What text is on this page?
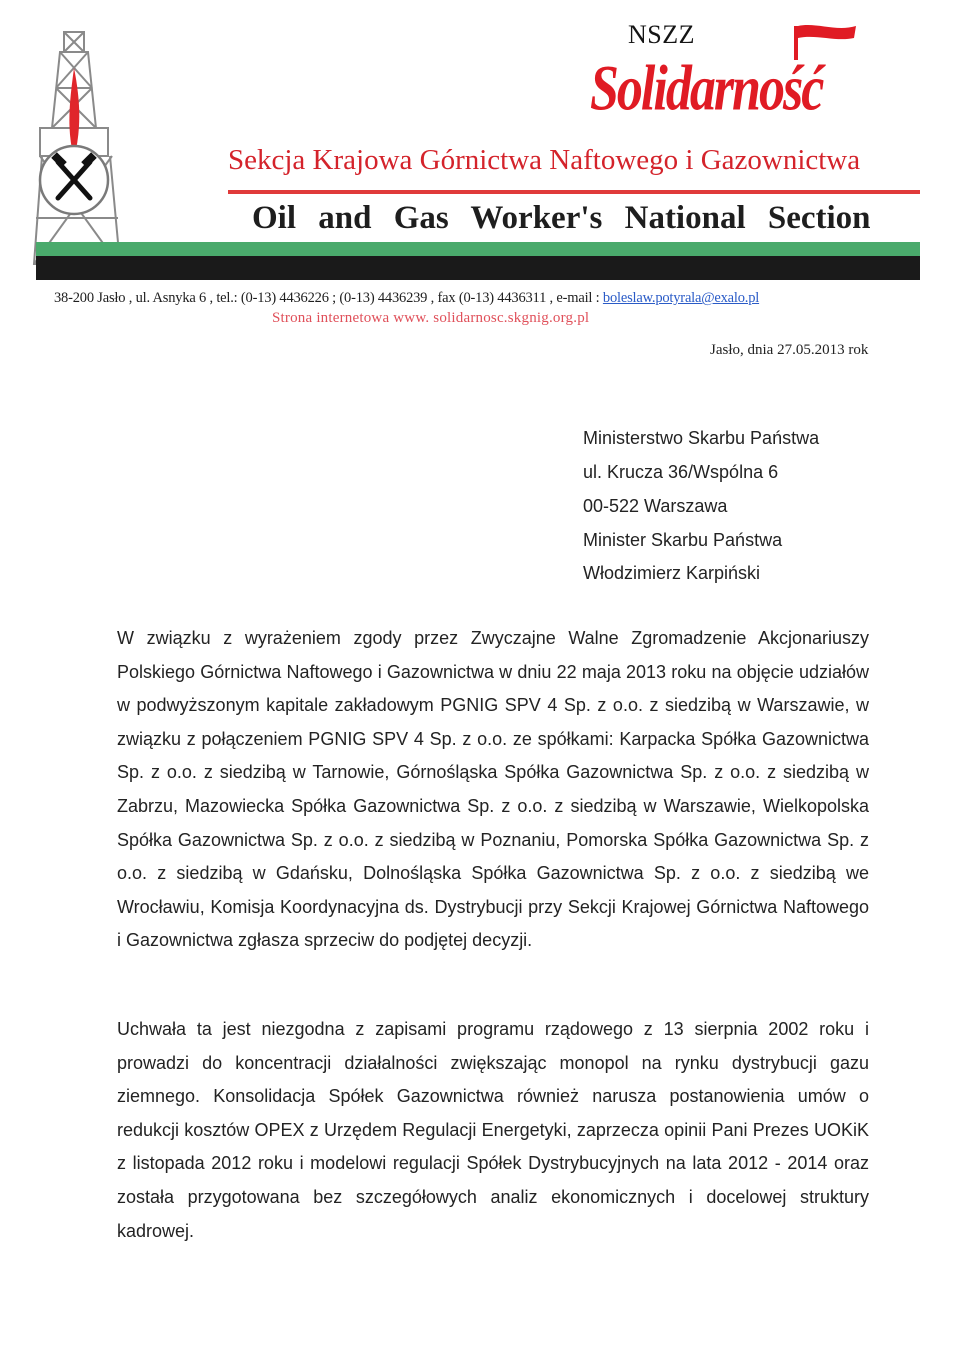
NSZZ
Solidarność
Sekcja Krajowa Górnictwa Naftowego i Gazownictwa
Oil and Gas Worker's National Section
38-200 Jasło , ul. Asnyka 6 , tel.: (0-13) 4436226 ; (0-13) 4436239 , fax (0-13) 4436311 , e-mail : boleslaw.potyrala@exalo.pl
Strona internetowa www. solidarnosc.skgnig.org.pl
Jasło, dnia 27.05.2013 rok
Ministerstwo Skarbu Państwa
ul. Krucza 36/Wspólna 6
00-522 Warszawa
Minister Skarbu Państwa
Włodzimierz Karpiński

W związku z wyrażeniem zgody przez Zwyczajne Walne Zgromadzenie Akcjonariuszy Polskiego Górnictwa Naftowego i Gazownictwa w dniu 22 maja 2013 roku na objęcie udziałów w podwyższonym kapitale zakładowym PGNIG SPV 4 Sp. z o.o. z siedzibą w Warszawie, w związku z połączeniem PGNIG SPV 4 Sp. z o.o. ze spółkami: Karpacka Spółka Gazownictwa Sp. z o.o. z siedzibą w Tarnowie, Górnośląska Spółka Gazownictwa Sp. z o.o. z siedzibą w Zabrzu, Mazowiecka Spółka Gazownictwa Sp. z o.o. z siedzibą w Warszawie, Wielkopolska Spółka Gazownictwa Sp. z o.o. z siedzibą w Poznaniu, Pomorska Spółka Gazownictwa Sp. z o.o. z siedzibą w Gdańsku, Dolnośląska Spółka Gazownictwa Sp. z o.o. z siedzibą we Wrocławiu, Komisja Koordynacyjna ds. Dystrybucji przy Sekcji Krajowej Górnictwa Naftowego i Gazownictwa zgłasza sprzeciw do podjętej decyzji.

Uchwała ta jest niezgodna z zapisami programu rządowego z 13 sierpnia 2002 roku i prowadzi do koncentracji działalności zwiększając monopol na rynku dystrybucji gazu ziemnego. Konsolidacja Spółek Gazownictwa również narusza postanowienia umów o redukcji kosztów OPEX z Urzędem Regulacji Energetyki, zaprzecza opinii Pani Prezes UOKiK z listopada 2012 roku i modelowi regulacji Spółek Dystrybucyjnych na lata 2012 - 2014 oraz została przygotowana bez szczegółowych analiz ekonomicznych i docelowej struktury kadrowej.
